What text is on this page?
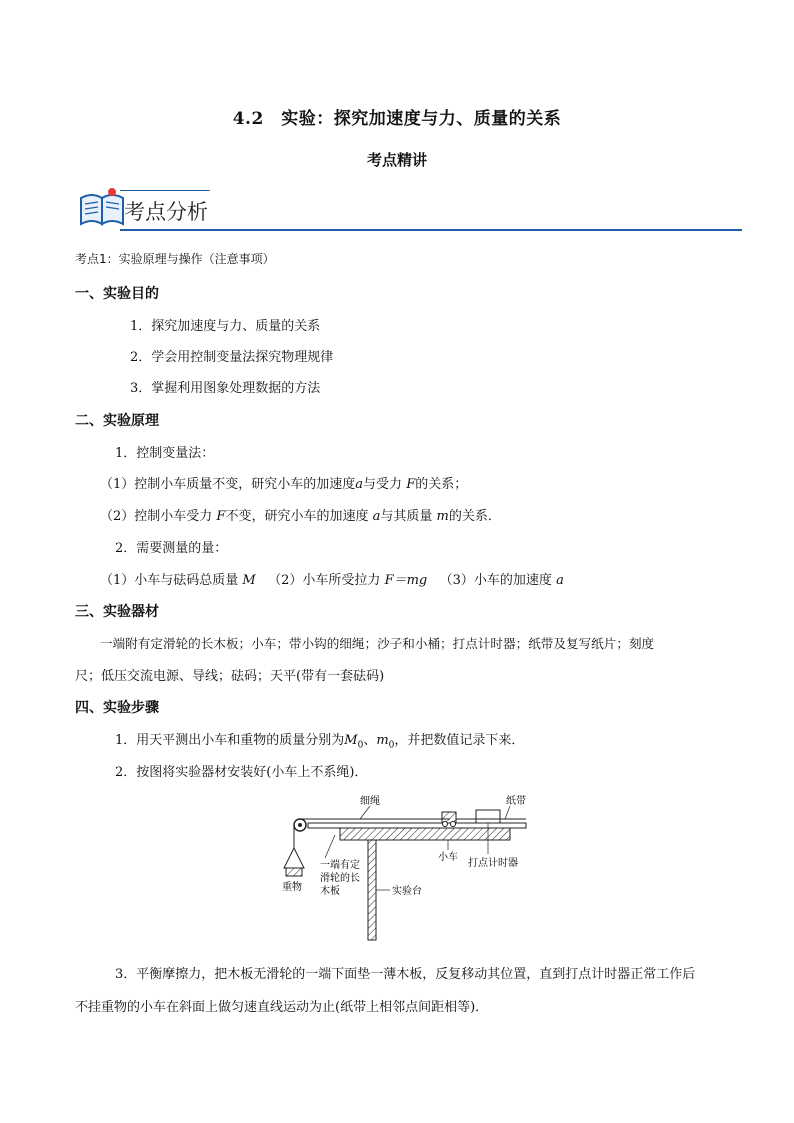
4.2　实验：探究加速度与力、质量的关系
考点精讲
考点分析
考点1：实验原理与操作（注意事项）
一、实验目的
1．探究加速度与力、质量的关系
2．学会用控制变量法探究物理规律
3．掌握利用图象处理数据的方法
二、实验原理
1．控制变量法：
（1）控制小车质量不变，研究小车的加速度a与受力 F的关系；
（2）控制小车受力 F不变，研究小车的加速度 a与其质量 m的关系．
2．需要测量的量：
（1）小车与砝码总质量 M （2）小车所受拉力 F＝mg （3）小车的加速度 a
三、实验器材
一端附有定滑轮的长木板；小车；带小钩的细绳；沙子和小桶；打点计时器；纸带及复写纸片；刻度
尺；低压交流电源、导线；砝码；天平(带有一套砝码)
四、实验步骤
1．用天平测出小车和重物的质量分别为$M_0$、$m_0$，并把数值记录下来．
2．按图将实验器材安装好(小车上不系绳)．
细绳	纸带
小车
打点计时器
一端有定
滑轮的长
木板
重物	实验台
3．平衡摩擦力，把木板无滑轮的一端下面垫一薄木板，反复移动其位置，直到打点计时器正常工作后
不挂重物的小车在斜面上做匀速直线运动为止(纸带上相邻点间距相等)．
